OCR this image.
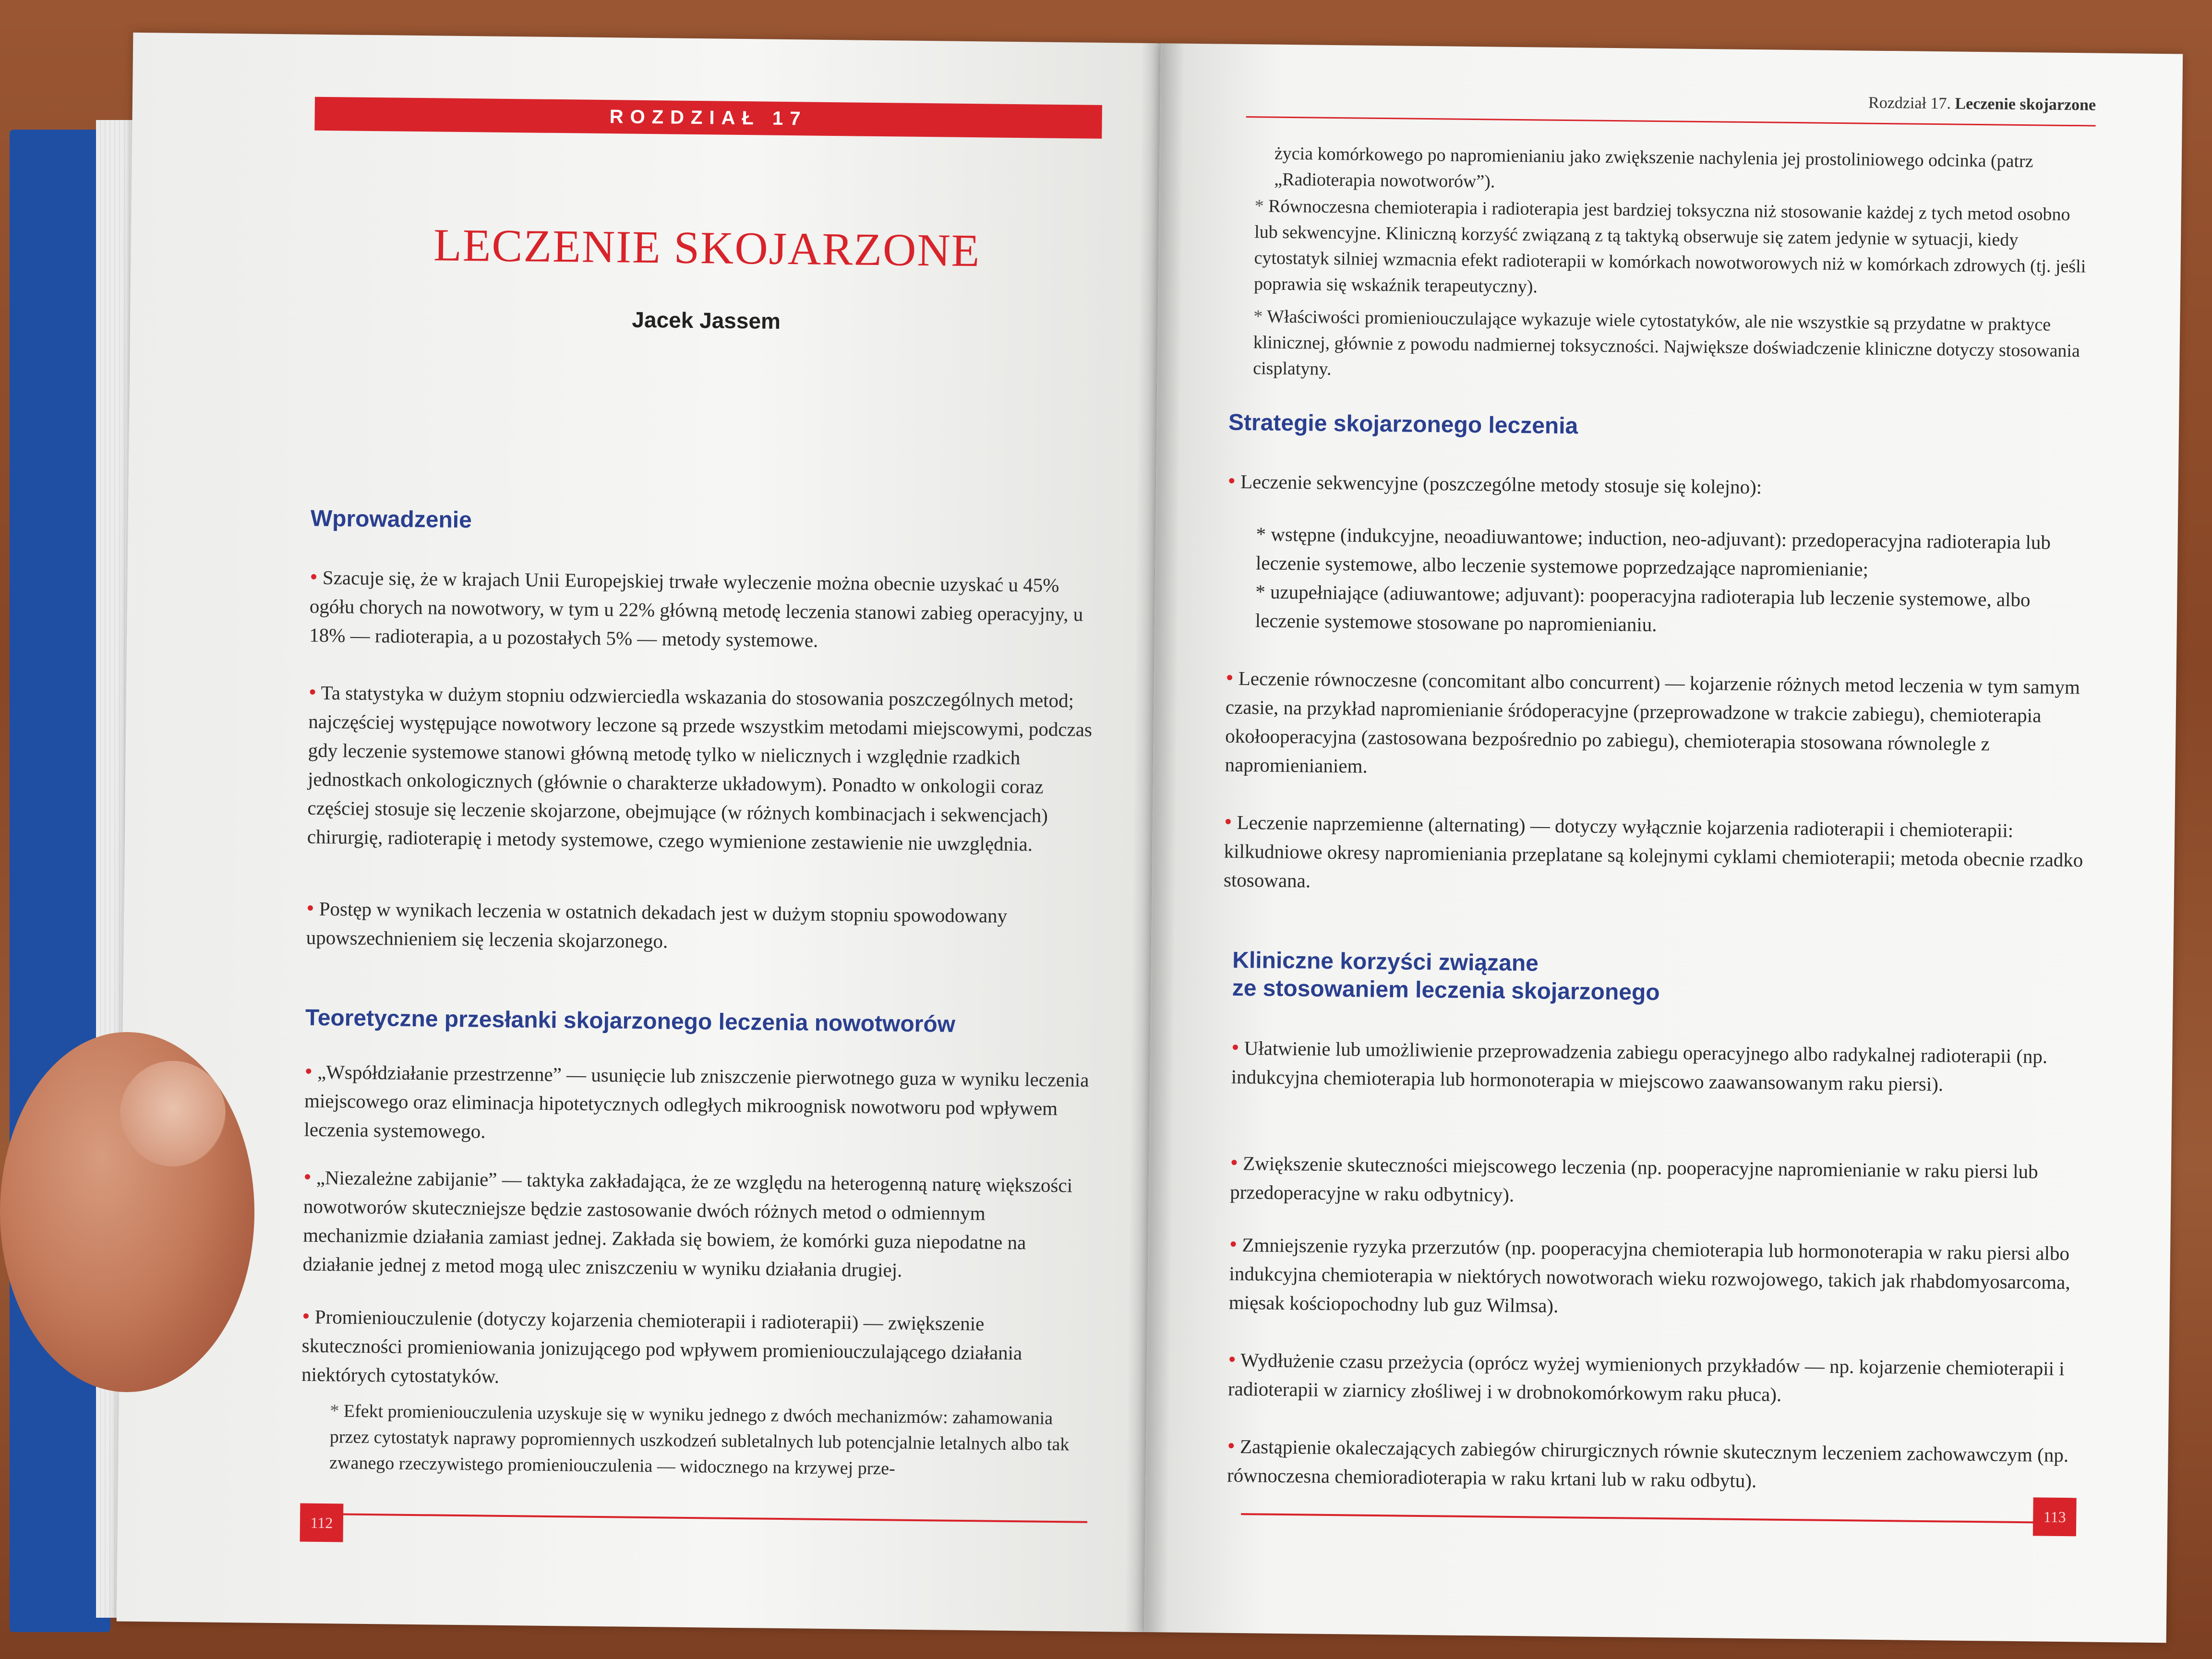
ROZDZIAŁ 17
LECZENIE SKOJARZONE
Jacek Jassem
Wprowadzenie

• Szacuje się, że w krajach Unii Europejskiej trwałe wyleczenie można obecnie uzyskać u 45% ogółu chorych na nowotwory, w tym u 22% główną metodę leczenia stanowi zabieg operacyjny, u 18% — radioterapia, a u pozostałych 5% — metody systemowe.

• Ta statystyka w dużym stopniu odzwierciedla wskazania do stosowania poszczególnych metod; najczęściej występujące nowotwory leczone są przede wszystkim metodami miejscowymi, podczas gdy leczenie systemowe stanowi główną metodę tylko w nielicznych i względnie rzadkich jednostkach onkologicznych (głównie o charakterze układowym). Ponadto w onkologii coraz częściej stosuje się leczenie skojarzone, obejmujące (w różnych kombinacjach i sekwencjach) chirurgię, radioterapię i metody systemowe, czego wymienione zestawienie nie uwzględnia.

• Postęp w wynikach leczenia w ostatnich dekadach jest w dużym stopniu spowodowany upowszechnieniem się leczenia skojarzonego.

Teoretyczne przesłanki skojarzonego leczenia nowotworów

• „Współdziałanie przestrzenne” — usunięcie lub zniszczenie pierwotnego guza w wyniku leczenia miejscowego oraz eliminacja hipotetycznych odległych mikroognisk nowotworu pod wpływem leczenia systemowego.

• „Niezależne zabijanie” — taktyka zakładająca, że ze względu na heterogenną naturę większości nowotworów skuteczniejsze będzie zastosowanie dwóch różnych metod o odmiennym mechanizmie działania zamiast jednej. Zakłada się bowiem, że komórki guza niepodatne na działanie jednej z metod mogą ulec zniszczeniu w wyniku działania drugiej.

• Promieniouczulenie (dotyczy kojarzenia chemioterapii i radioterapii) — zwiększenie skuteczności promieniowania jonizującego pod wpływem promieniouczulającego działania niektórych cytostatyków.

* Efekt promieniouczulenia uzyskuje się w wyniku jednego z dwóch mechanizmów: zahamowania przez cytostatyk naprawy popromiennych uszkodzeń subletalnych lub potencjalnie letalnych albo tak zwanego rzeczywistego promieniouczulenia — widocznego na krzywej prze-

112
Rozdział 17. Leczenie skojarzone

życia komórkowego po napromienianiu jako zwiększenie nachylenia jej prostoliniowego odcinka (patrz „Radioterapia nowotworów”).

* Równoczesna chemioterapia i radioterapia jest bardziej toksyczna niż stosowanie każdej z tych metod osobno lub sekwencyjne. Kliniczną korzyść związaną z tą taktyką obserwuje się zatem jedynie w sytuacji, kiedy cytostatyk silniej wzmacnia efekt radioterapii w komórkach nowotworowych niż w komórkach zdrowych (tj. jeśli poprawia się wskaźnik terapeutyczny).

* Właściwości promieniouczulające wykazuje wiele cytostatyków, ale nie wszystkie są przydatne w praktyce klinicznej, głównie z powodu nadmiernej toksyczności. Największe doświadczenie kliniczne dotyczy stosowania cisplatyny.

Strategie skojarzonego leczenia

• Leczenie sekwencyjne (poszczególne metody stosuje się kolejno):

* wstępne (indukcyjne, neoadiuwantowe; induction, neo-adjuvant): przedoperacyjna radioterapia lub leczenie systemowe, albo leczenie systemowe poprzedzające napromienianie;

* uzupełniające (adiuwantowe; adjuvant): pooperacyjna radioterapia lub leczenie systemowe, albo leczenie systemowe stosowane po napromienianiu.

• Leczenie równoczesne (concomitant albo concurrent) — kojarzenie różnych metod leczenia w tym samym czasie, na przykład napromienianie śródoperacyjne (przeprowadzone w trakcie zabiegu), chemioterapia okołooperacyjna (zastosowana bezpośrednio po zabiegu), chemioterapia stosowana równolegle z napromienianiem.

• Leczenie naprzemienne (alternating) — dotyczy wyłącznie kojarzenia radioterapii i chemioterapii: kilkudniowe okresy napromieniania przeplatane są kolejnymi cyklami chemioterapii; metoda obecnie rzadko stosowana.

Kliniczne korzyści związane
ze stosowaniem leczenia skojarzonego

• Ułatwienie lub umożliwienie przeprowadzenia zabiegu operacyjnego albo radykalnej radioterapii (np. indukcyjna chemioterapia lub hormonoterapia w miejscowo zaawansowanym raku piersi).

• Zwiększenie skuteczności miejscowego leczenia (np. pooperacyjne napromienianie w raku piersi lub przedoperacyjne w raku odbytnicy).

• Zmniejszenie ryzyka przerzutów (np. pooperacyjna chemioterapia lub hormonoterapia w raku piersi albo indukcyjna chemioterapia w niektórych nowotworach wieku rozwojowego, takich jak rhabdomyosarcoma, mięsak kościopochodny lub guz Wilmsa).

• Wydłużenie czasu przeżycia (oprócz wyżej wymienionych przykładów — np. kojarzenie chemioterapii i radioterapii w ziarnicy złośliwej i w drobnokomórkowym raku płuca).

• Zastąpienie okaleczających zabiegów chirurgicznych równie skutecznym leczeniem zachowawczym (np. równoczesna chemioradioterapia w raku krtani lub w raku odbytu).

113
